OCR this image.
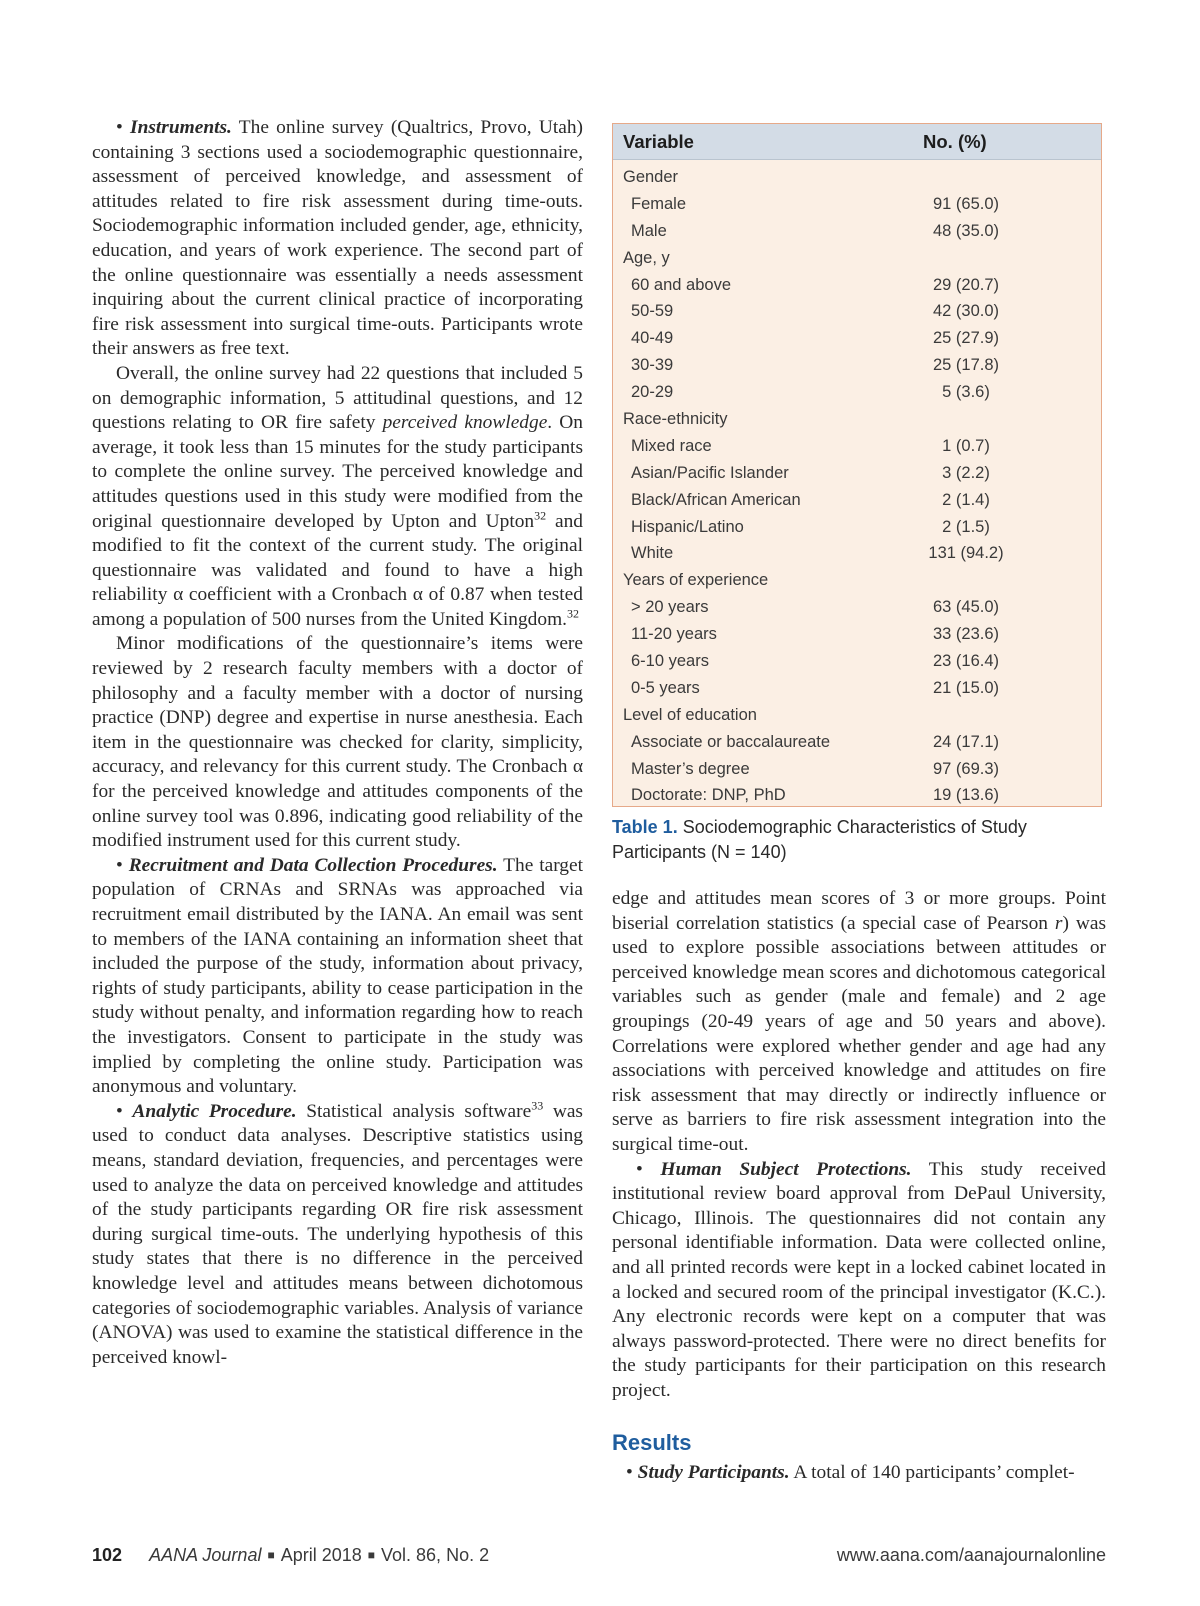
• Instruments. The online survey (Qualtrics, Provo, Utah) containing 3 sections used a sociodemographic questionnaire, assessment of perceived knowledge, and assessment of attitudes related to fire risk assessment during time-outs. Sociodemographic information included gender, age, ethnicity, education, and years of work experience. The second part of the online questionnaire was essentially a needs assessment inquiring about the current clinical practice of incorporating fire risk assessment into surgical time-outs. Participants wrote their answers as free text.

Overall, the online survey had 22 questions that included 5 on demographic information, 5 attitudinal questions, and 12 questions relating to OR fire safety perceived knowledge. On average, it took less than 15 minutes for the study participants to complete the online survey. The perceived knowledge and attitudes questions used in this study were modified from the original questionnaire developed by Upton and Upton$^{32}$ and modified to fit the context of the current study. The original questionnaire was validated and found to have a high reliability α coefficient with a Cronbach α of 0.87 when tested among a population of 500 nurses from the United Kingdom.$^{32}$

Minor modifications of the questionnaire’s items were reviewed by 2 research faculty members with a doctor of philosophy and a faculty member with a doctor of nursing practice (DNP) degree and expertise in nurse anesthesia. Each item in the questionnaire was checked for clarity, simplicity, accuracy, and relevancy for this current study. The Cronbach α for the perceived knowledge and attitudes components of the online survey tool was 0.896, indicating good reliability of the modified instrument used for this current study.

• Recruitment and Data Collection Procedures. The target population of CRNAs and SRNAs was approached via recruitment email distributed by the IANA. An email was sent to members of the IANA containing an information sheet that included the purpose of the study, information about privacy, rights of study participants, ability to cease participation in the study without penalty, and information regarding how to reach the investigators. Consent to participate in the study was implied by completing the online study. Participation was anonymous and voluntary.

• Analytic Procedure. Statistical analysis software$^{33}$ was used to conduct data analyses. Descriptive statistics using means, standard deviation, frequencies, and percentages were used to analyze the data on perceived knowledge and attitudes of the study participants regarding OR fire risk assessment during surgical time-outs. The underlying hypothesis of this study states that there is no difference in the perceived knowledge level and attitudes means between dichotomous categories of sociodemographic variables. Analysis of variance (ANOVA) was used to examine the statistical difference in the perceived knowl-

Variable	No. (%)
Gender
Female	91 (65.0)
Male	48 (35.0)
Age, y
60 and above	29 (20.7)
50-59	42 (30.0)
40-49	25 (27.9)
30-39	25 (17.8)
20-29	5 (3.6)
Race-ethnicity
Mixed race	1 (0.7)
Asian/Pacific Islander	3 (2.2)
Black/African American	2 (1.4)
Hispanic/Latino	2 (1.5)
White	131 (94.2)
Years of experience
> 20 years	63 (45.0)
11-20 years	33 (23.6)
6-10 years	23 (16.4)
0-5 years	21 (15.0)
Level of education
Associate or baccalaureate	24 (17.1)
Master’s degree	97 (69.3)
Doctorate: DNP, PhD	19 (13.6)
Table 1. Sociodemographic Characteristics of Study Participants (N = 140)

edge and attitudes mean scores of 3 or more groups. Point biserial correlation statistics (a special case of Pearson r) was used to explore possible associations between attitudes or perceived knowledge mean scores and dichotomous categorical variables such as gender (male and female) and 2 age groupings (20-49 years of age and 50 years and above). Correlations were explored whether gender and age had any associations with perceived knowledge and attitudes on fire risk assessment that may directly or indirectly influence or serve as barriers to fire risk assessment integration into the surgical time-out.

• Human Subject Protections. This study received institutional review board approval from DePaul University, Chicago, Illinois. The questionnaires did not contain any personal identifiable information. Data were collected online, and all printed records were kept in a locked cabinet located in a locked and secured room of the principal investigator (K.C.). Any electronic records were kept on a computer that was always password-protected. There were no direct benefits for the study participants for their participation on this research project.

Results

• Study Participants. A total of 140 participants’ complet-

102 AANA Journal ■ April 2018 ■ Vol. 86, No. 2	www.aana.com/aanajournalonline
